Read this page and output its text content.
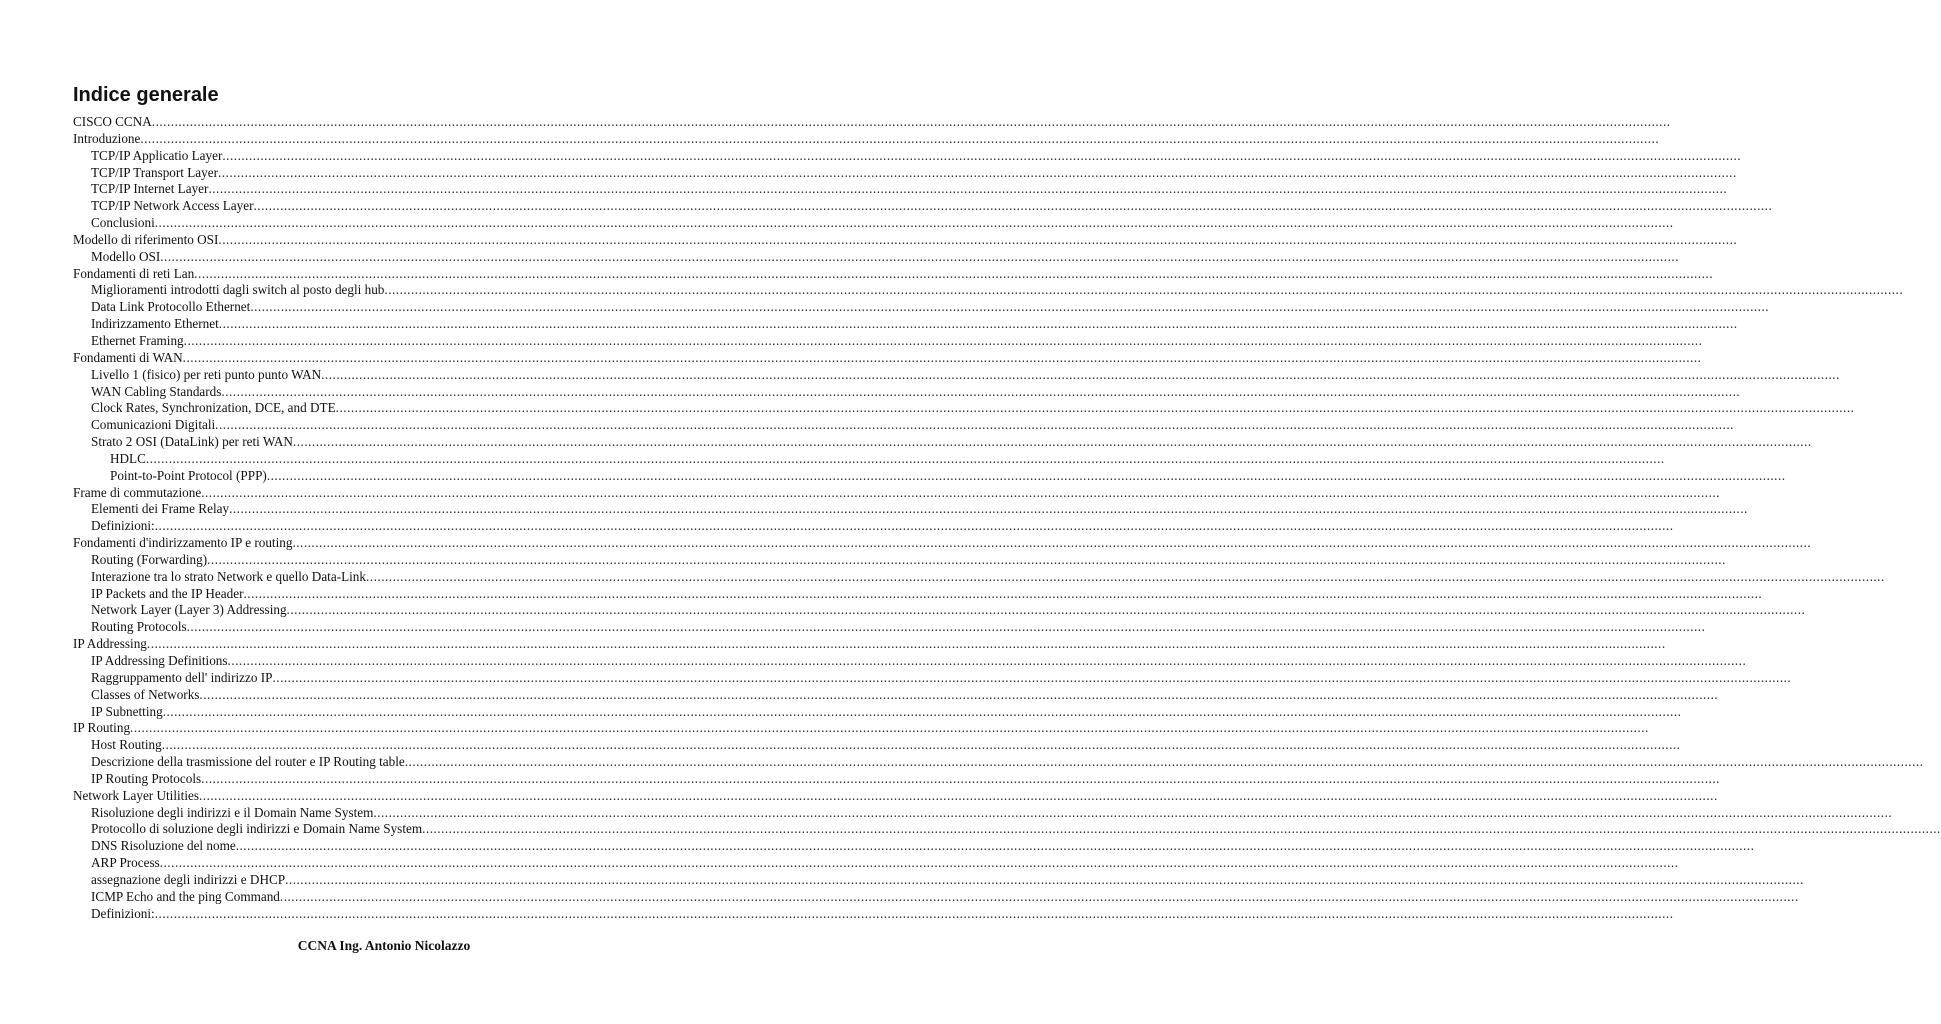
Indice generale
CISCO CCNA ................................................................................................................................................................................................................................................................................................................................................................................................................
Introduzione ................................................................................................................................................................................................................................................................................................................................................................................................................
TCP/IP Applicatio Layer ................................................................................................................................................................................................................................................................................................................................................................................................................
TCP/IP Transport Layer ................................................................................................................................................................................................................................................................................................................................................................................................................
TCP/IP Internet Layer ................................................................................................................................................................................................................................................................................................................................................................................................................
TCP/IP Network Access Layer ................................................................................................................................................................................................................................................................................................................................................................................................................
Conclusioni ................................................................................................................................................................................................................................................................................................................................................................................................................
Modello di riferimento OSI ................................................................................................................................................................................................................................................................................................................................................................................................................
Modello OSI ................................................................................................................................................................................................................................................................................................................................................................................................................
Fondamenti di reti Lan ................................................................................................................................................................................................................................................................................................................................................................................................................
Miglioramenti introdotti dagli switch al posto degli hub ................................................................................................................................................................................................................................................................................................................................................................................................................
Data Link Protocollo Ethernet ................................................................................................................................................................................................................................................................................................................................................................................................................
Indirizzamento Ethernet ................................................................................................................................................................................................................................................................................................................................................................................................................
Ethernet Framing ................................................................................................................................................................................................................................................................................................................................................................................................................
Fondamenti di WAN ................................................................................................................................................................................................................................................................................................................................................................................................................
Livello 1 (fisico) per reti punto punto WAN ................................................................................................................................................................................................................................................................................................................................................................................................................
WAN Cabling Standards ................................................................................................................................................................................................................................................................................................................................................................................................................
Clock Rates, Synchronization, DCE, and DTE ................................................................................................................................................................................................................................................................................................................................................................................................................
Comunicazioni Digitali ................................................................................................................................................................................................................................................................................................................................................................................................................
Strato 2 OSI (DataLink) per reti WAN ................................................................................................................................................................................................................................................................................................................................................................................................................
HDLC ................................................................................................................................................................................................................................................................................................................................................................................................................
Point-to-Point Protocol (PPP) ................................................................................................................................................................................................................................................................................................................................................................................................................
Frame di commutazione ................................................................................................................................................................................................................................................................................................................................................................................................................
Elementi dei Frame Relay ................................................................................................................................................................................................................................................................................................................................................................................................................
Definizioni: ................................................................................................................................................................................................................................................................................................................................................................................................................
Fondamenti d'indirizzamento IP e routing ................................................................................................................................................................................................................................................................................................................................................................................................................
Routing (Forwarding) ................................................................................................................................................................................................................................................................................................................................................................................................................
Interazione tra lo strato Network e quello Data-Link ................................................................................................................................................................................................................................................................................................................................................................................................................
IP Packets and the IP Header ................................................................................................................................................................................................................................................................................................................................................................................................................
Network Layer (Layer 3) Addressing ................................................................................................................................................................................................................................................................................................................................................................................................................
Routing Protocols ................................................................................................................................................................................................................................................................................................................................................................................................................
IP Addressing ................................................................................................................................................................................................................................................................................................................................................................................................................
IP Addressing Definitions ................................................................................................................................................................................................................................................................................................................................................................................................................
Raggruppamento dell' indirizzo IP ................................................................................................................................................................................................................................................................................................................................................................................................................
Classes of Networks ................................................................................................................................................................................................................................................................................................................................................................................................................
IP Subnetting ................................................................................................................................................................................................................................................................................................................................................................................................................
IP Routing ................................................................................................................................................................................................................................................................................................................................................................................................................
Host Routing ................................................................................................................................................................................................................................................................................................................................................................................................................
Descrizione della trasmissione del router e IP Routing table ................................................................................................................................................................................................................................................................................................................................................................................................................
IP Routing Protocols ................................................................................................................................................................................................................................................................................................................................................................................................................
Network Layer Utilities ................................................................................................................................................................................................................................................................................................................................................................................................................
Risoluzione degli indirizzi e il Domain Name System ................................................................................................................................................................................................................................................................................................................................................................................................................
Protocollo di soluzione degli indirizzi e Domain Name System ................................................................................................................................................................................................................................................................................................................................................................................................................
DNS Risoluzione del nome ................................................................................................................................................................................................................................................................................................................................................................................................................
ARP Process ................................................................................................................................................................................................................................................................................................................................................................................................................
assegnazione degli indirizzi e DHCP ................................................................................................................................................................................................................................................................................................................................................................................................................
ICMP Echo and the ping Command ................................................................................................................................................................................................................................................................................................................................................................................................................
Definizioni: ................................................................................................................................................................................................................................................................................................................................................................................................................
CCNA Ing. Antonio Nicolazzo
